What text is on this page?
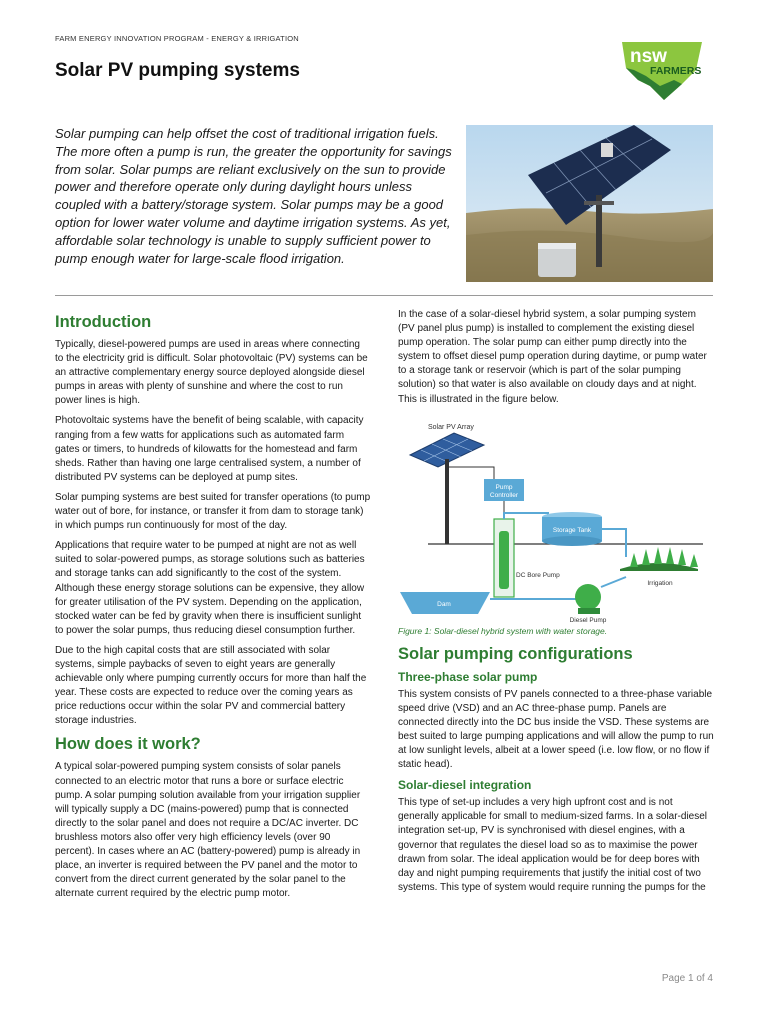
FARM ENERGY INNOVATION PROGRAM - ENERGY & IRRIGATION
Solar PV pumping systems
nsw
FARMERS
Solar pumping can help offset the cost of traditional irrigation fuels. The more often a pump is run, the greater the opportunity for savings from solar. Solar pumps are reliant exclusively on the sun to provide power and therefore operate only during daylight hours unless coupled with a battery/storage system. Solar pumps may be a good option for lower water volume and daytime irrigation systems. As yet, affordable solar technology is unable to supply sufficient power to pump enough water for large-scale flood irrigation.
Introduction

Typically, diesel-powered pumps are used in areas where connecting to the electricity grid is difficult. Solar photovoltaic (PV) systems can be an attractive complementary energy source deployed alongside diesel pumps in areas with plenty of sunshine and where the cost to run power lines is high.

Photovoltaic systems have the benefit of being scalable, with capacity ranging from a few watts for applications such as automated farm gates or timers, to hundreds of kilowatts for the homestead and farm sheds. Rather than having one large centralised system, a number of distributed PV systems can be deployed at pump sites.

Solar pumping systems are best suited for transfer operations (to pump water out of bore, for instance, or transfer it from dam to storage tank) in which pumps run continuously for most of the day.

Applications that require water to be pumped at night are not as well suited to solar-powered pumps, as storage solutions such as batteries and storage tanks can add significantly to the cost of the system. Although these energy storage solutions can be expensive, they allow for greater utilisation of the PV system. Depending on the application, stocked water can be fed by gravity when there is insufficient sunlight to power the solar pumps, thus reducing diesel consumption further.

Due to the high capital costs that are still associated with solar systems, simple paybacks of seven to eight years are generally achievable only where pumping currently occurs for more than half the year. These costs are expected to reduce over the coming years as price reductions occur within the solar PV and commercial battery storage industries.

How does it work?

A typical solar-powered pumping system consists of solar panels connected to an electric motor that runs a bore or surface electric pump. A solar pumping solution available from your irrigation supplier will typically supply a DC (mains-powered) pump that is connected directly to the solar panel and does not require a DC/AC inverter. DC brushless motors also offer very high efficiency levels (over 90 percent). In cases where an AC (battery-powered) pump is already in place, an inverter is required between the PV panel and the motor to convert from the direct current generated by the solar panel to the alternate current required by the electric pump motor.

In the case of a solar-diesel hybrid system, a solar pumping system (PV panel plus pump) is installed to complement the existing diesel pump operation. The solar pump can either pump directly into the system to offset diesel pump operation during daytime, or pump water to a storage tank or reservoir (which is part of the solar pumping solution) so that water is also available on cloudy days and at night. This is illustrated in the figure below.

Solar PV Array
Pump
Controller
DC Bore Pump
Storage Tank
Irrigation
Dam
Diesel Pump
Figure 1: Solar-diesel hybrid system with water storage.
Solar pumping configurations
Three-phase solar pump

This system consists of PV panels connected to a three-phase variable speed drive (VSD) and an AC three-phase pump. Panels are connected directly into the DC bus inside the VSD. These systems are best suited to large pumping applications and will allow the pump to run at low sunlight levels, albeit at a lower speed (i.e. low flow, or no flow if static head).

Solar-diesel integration

This type of set-up includes a very high upfront cost and is not generally applicable for small to medium-sized farms. In a solar-diesel integration set-up, PV is synchronised with diesel engines, with a governor that regulates the diesel load so as to maximise the power drawn from solar. The ideal application would be for deep bores with day and night pumping requirements that justify the initial cost of two systems. This type of system would require running the pumps for the

Page 1 of 4
